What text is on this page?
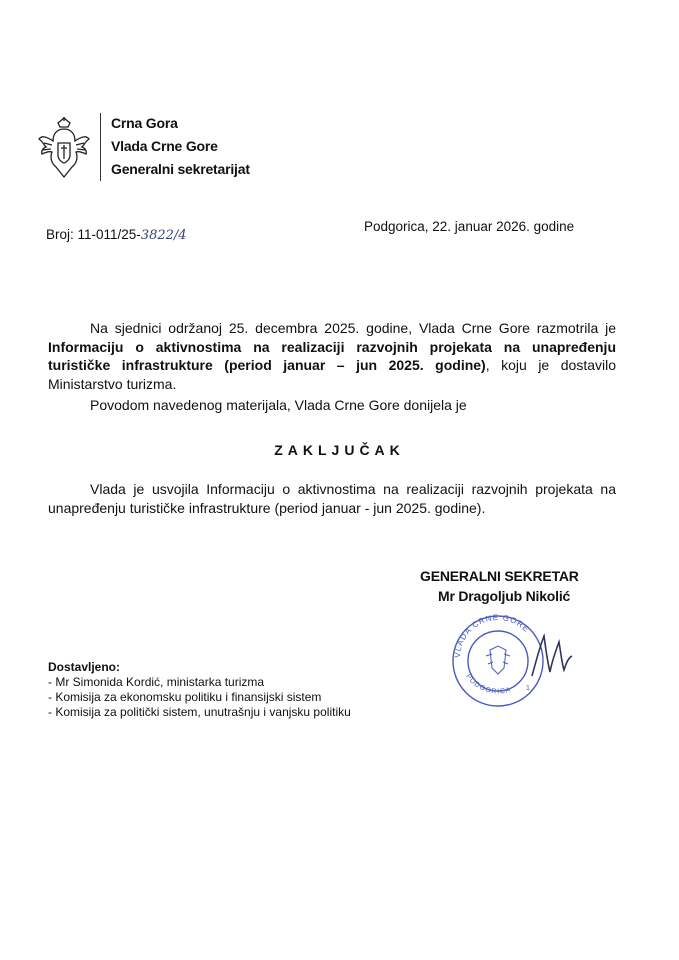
Crna Gora
Vlada Crne Gore
Generalni sekretarijat
Broj: 11-011/25-3822/4
Podgorica, 22. januar 2026. godine
Na sjednici održanoj 25. decembra 2025. godine, Vlada Crne Gore razmotrila je Informaciju o aktivnostima na realizaciji razvojnih projekata na unapređenju turističke infrastrukture (period januar – jun 2025. godine), koju je dostavilo Ministarstvo turizma.
Povodom navedenog materijala, Vlada Crne Gore donijela je
ZAKLJUČAK
Vlada je usvojila Informaciju o aktivnostima na realizaciji razvojnih projekata na unapređenju turističke infrastrukture (period januar - jun 2025. godine).
GENERALNI SEKRETAR
Mr Dragoljub Nikolić
VLADA CRNE GORE
PODGORICA 1
Dostavljeno:
- Mr Simonida Kordić, ministarka turizma
- Komisija za ekonomsku politiku i finansijski sistem
- Komisija za politički sistem, unutrašnju i vanjsku politiku
